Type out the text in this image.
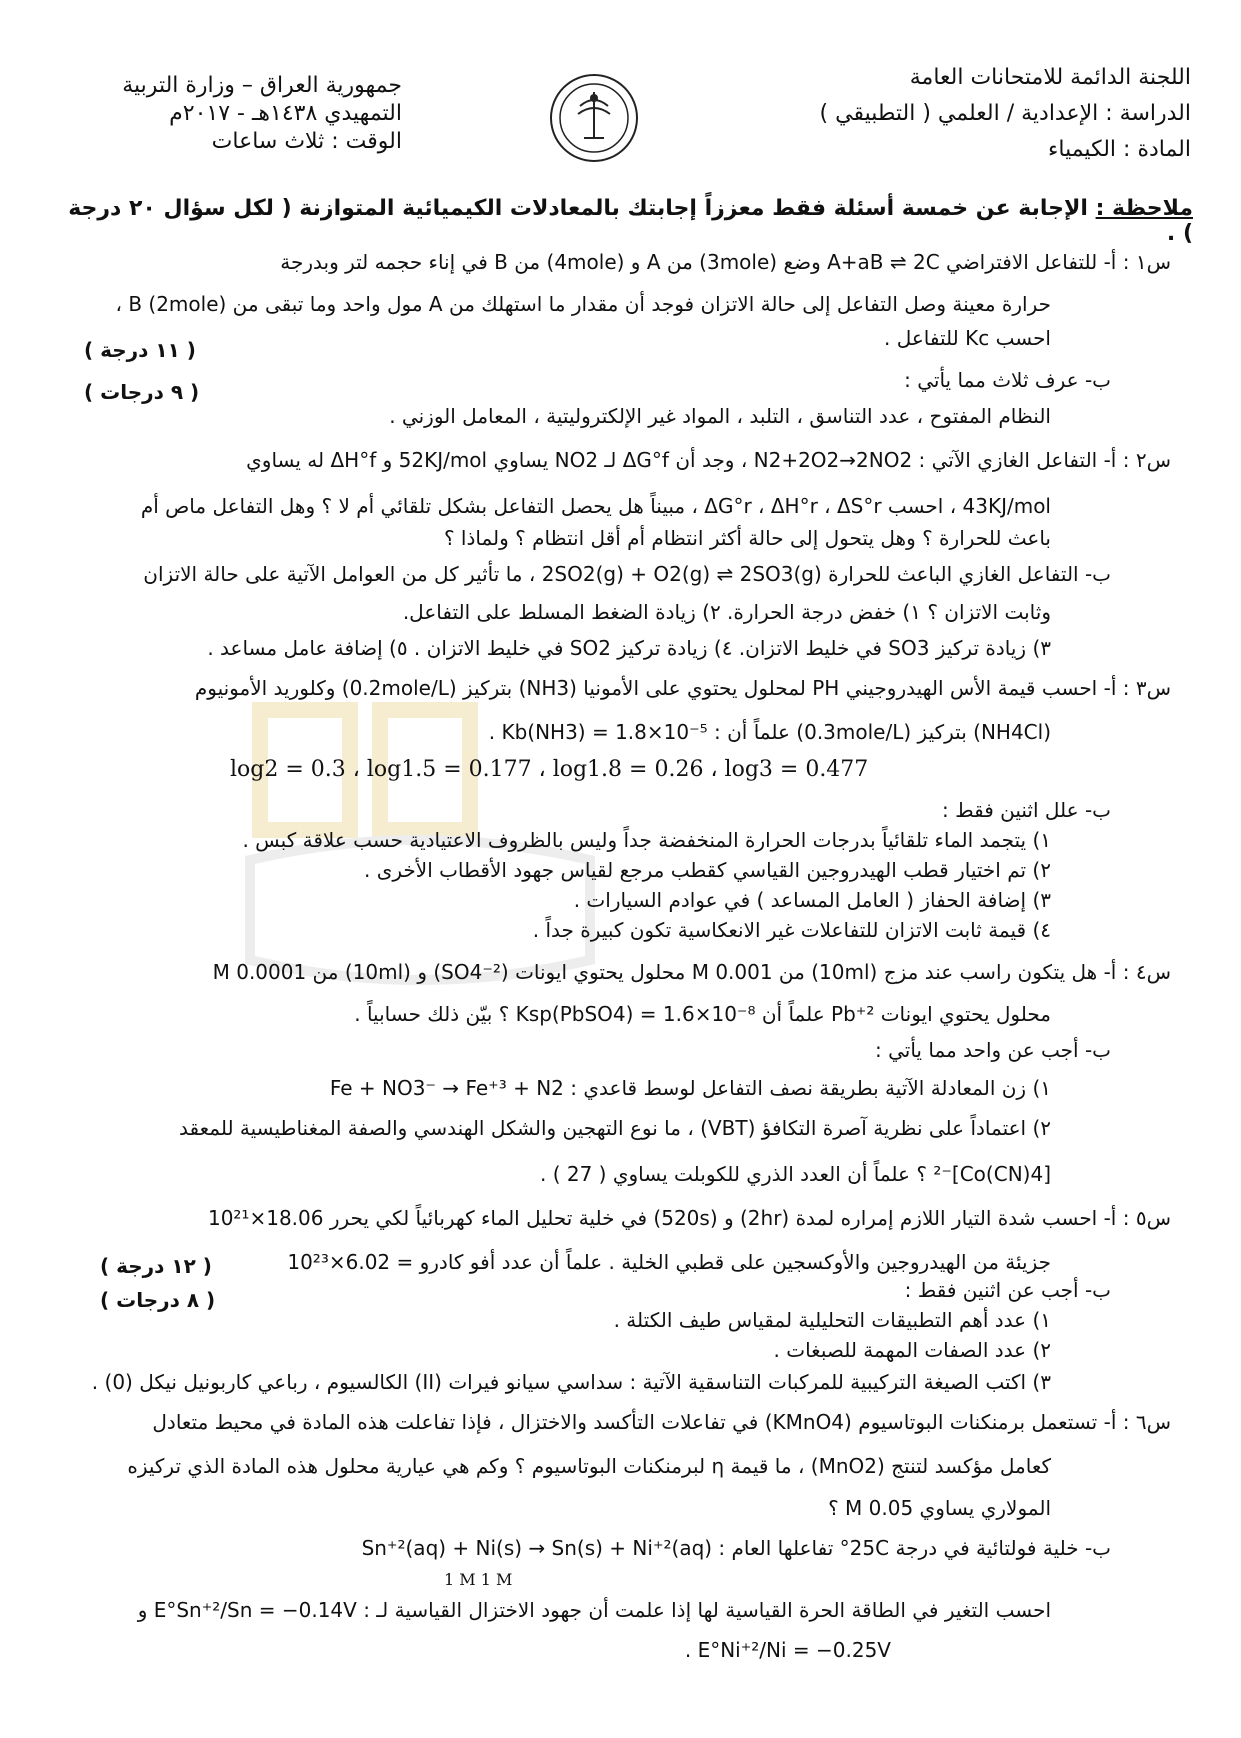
اللجنة الدائمة للامتحانات العامة
الدراسة : الإعدادية / العلمي ( التطبيقي )
المادة : الكيمياء
جمهورية العراق – وزارة التربية
التمهيدي ١٤٣٨هـ - ٢٠١٧م
الوقت : ثلاث ساعات
ملاحظة : الإجابة عن خمسة أسئلة فقط معززاً إجابتك بالمعادلات الكيميائية المتوازنة ( لكل سؤال ٢٠ درجة ) .
س١ : أ- للتفاعل الافتراضي A+aB ⇌ 2C وضع (3mole) من A و (4mole) من B في إناء حجمه لتر وبدرجة
حرارة معينة وصل التفاعل إلى حالة الاتزان فوجد أن مقدار ما استهلك من A مول واحد وما تبقى من B (2mole) ،
احسب Kc للتفاعل .
( ١١ درجة )
ب- عرف ثلاث مما يأتي :
( ٩ درجات )
النظام المفتوح ، عدد التناسق ، التلبد ، المواد غير الإلكتروليتية ، المعامل الوزني .
س٢ : أ- التفاعل الغازي الآتي : N2+2O2→2NO2 ، وجد أن ΔG°f لـ NO2 يساوي 52KJ/mol و ΔH°f له يساوي
43KJ/mol ، احسب ΔG°r ، ΔH°r ، ΔS°r ، مبيناً هل يحصل التفاعل بشكل تلقائي أم لا ؟ وهل التفاعل ماص أم
باعث للحرارة ؟ وهل يتحول إلى حالة أكثر انتظام أم أقل انتظام ؟ ولماذا ؟
ب- التفاعل الغازي الباعث للحرارة 2SO2(g) + O2(g) ⇌ 2SO3(g) ، ما تأثير كل من العوامل الآتية على حالة الاتزان
وثابت الاتزان ؟ ١) خفض درجة الحرارة. ٢) زيادة الضغط المسلط على التفاعل.
٣) زيادة تركيز SO3 في خليط الاتزان. ٤) زيادة تركيز SO2 في خليط الاتزان . ٥) إضافة عامل مساعد .
س٣ : أ- احسب قيمة الأس الهيدروجيني PH لمحلول يحتوي على الأمونيا (NH3) بتركيز (0.2mole/L) وكلوريد الأمونيوم
(NH4Cl) بتركيز (0.3mole/L) علماً أن : Kb(NH3) = 1.8×10⁻⁵ .
log2 = 0.3 ، log1.5 = 0.177 ، log1.8 = 0.26 ، log3 = 0.477
ب- علل اثنين فقط :
١) يتجمد الماء تلقائياً بدرجات الحرارة المنخفضة جداً وليس بالظروف الاعتيادية حسب علاقة كبس .
٢) تم اختيار قطب الهيدروجين القياسي كقطب مرجع لقياس جهود الأقطاب الأخرى .
٣) إضافة الحفاز ( العامل المساعد ) في عوادم السيارات .
٤) قيمة ثابت الاتزان للتفاعلات غير الانعكاسية تكون كبيرة جداً .
س٤ : أ- هل يتكون راسب عند مزج (10ml) من 0.001 M محلول يحتوي ايونات (SO4⁻²) و (10ml) من 0.0001 M
محلول يحتوي ايونات Pb⁺² علماً أن Ksp(PbSO4) = 1.6×10⁻⁸ ؟ بيّن ذلك حسابياً .
ب- أجب عن واحد مما يأتي :
١) زن المعادلة الآتية بطريقة نصف التفاعل لوسط قاعدي : Fe + NO3⁻ → Fe⁺³ + N2
٢) اعتماداً على نظرية آصرة التكافؤ (VBT) ، ما نوع التهجين والشكل الهندسي والصفة المغناطيسية للمعقد
[Co(CN)4]⁻² ؟ علماً أن العدد الذري للكوبلت يساوي ( 27 ) .
س٥ : أ- احسب شدة التيار اللازم إمراره لمدة (2hr) و (520s) في خلية تحليل الماء كهربائياً لكي يحرر 18.06×10²¹
جزيئة من الهيدروجين والأوكسجين على قطبي الخلية . علماً أن عدد أفو كادرو = 6.02×10²³
( ١٢ درجة )
ب- أجب عن اثنين فقط :
( ٨ درجات )
١) عدد أهم التطبيقات التحليلية لمقياس طيف الكتلة .
٢) عدد الصفات المهمة للصبغات .
٣) اكتب الصيغة التركيبية للمركبات التناسقية الآتية : سداسي سيانو فيرات (II) الكالسيوم ، رباعي كاربونيل نيكل (0) .
س٦ : أ- تستعمل برمنكنات البوتاسيوم (KMnO4) في تفاعلات التأكسد والاختزال ، فإذا تفاعلت هذه المادة في محيط متعادل
كعامل مؤكسد لتنتج (MnO2) ، ما قيمة η لبرمنكنات البوتاسيوم ؟ وكم هي عيارية محلول هذه المادة الذي تركيزه
المولاري يساوي 0.05 M ؟
ب- خلية فولتائية في درجة 25C° تفاعلها العام : Sn⁺²(aq) + Ni(s) → Sn(s) + Ni⁺²(aq)
1 M 1 M
احسب التغير في الطاقة الحرة القياسية لها إذا علمت أن جهود الاختزال القياسية لـ : E°Sn⁺²/Sn = −0.14V و
E°Ni⁺²/Ni = −0.25V .
